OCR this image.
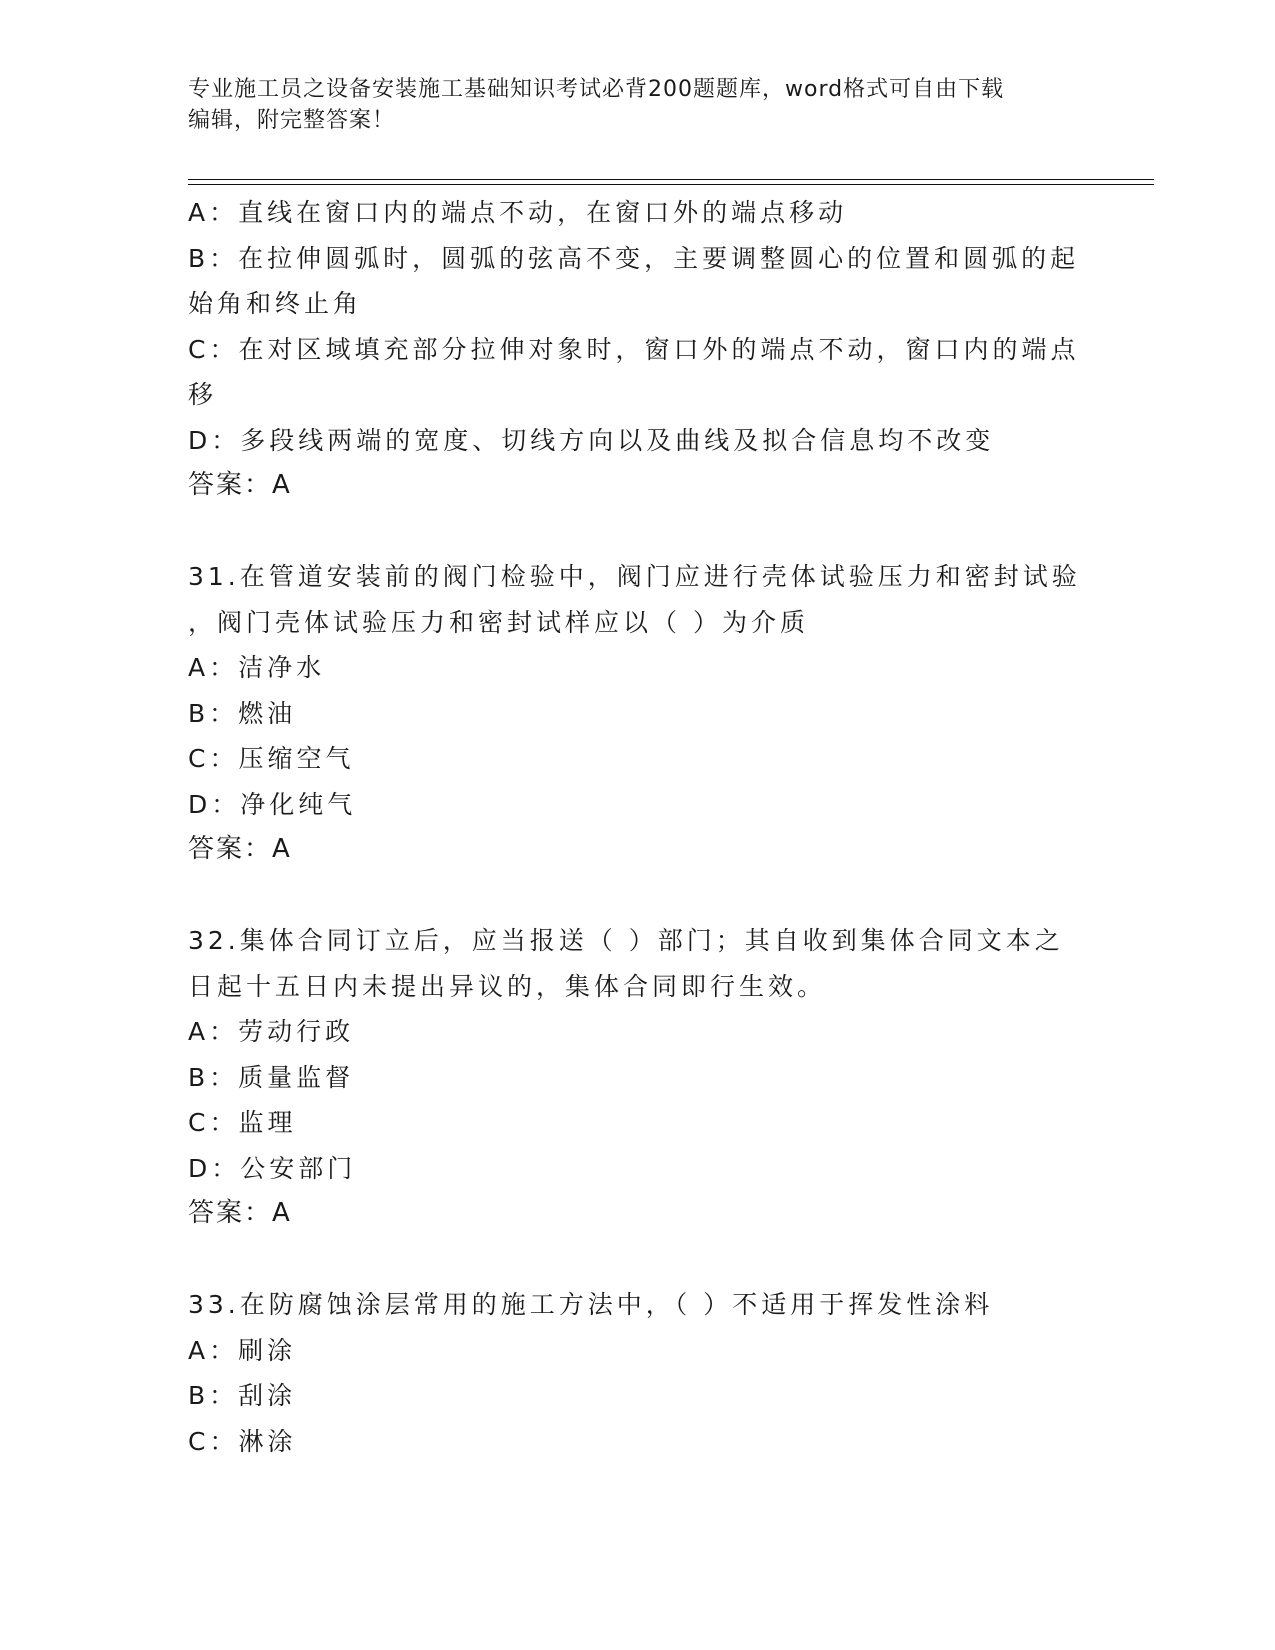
专业施工员之设备安装施工基础知识考试必背200题题库，word格式可自由下载
编辑，附完整答案！
A：直线在窗口内的端点不动，在窗口外的端点移动
B：在拉伸圆弧时，圆弧的弦高不变，主要调整圆心的位置和圆弧的起
始角和终止角
C：在对区域填充部分拉伸对象时，窗口外的端点不动，窗口内的端点
移
D：多段线两端的宽度、切线方向以及曲线及拟合信息均不改变
答案：A
31.在管道安装前的阀门检验中，阀门应进行壳体试验压力和密封试验
，阀门壳体试验压力和密封试样应以（ ）为介质
A：洁净水
B：燃油
C：压缩空气
D：净化纯气
答案：A
32.集体合同订立后，应当报送（ ）部门；其自收到集体合同文本之
日起十五日内未提出异议的，集体合同即行生效。
A：劳动行政
B：质量监督
C：监理
D：公安部门
答案：A
33.在防腐蚀涂层常用的施工方法中，（ ）不适用于挥发性涂料
A：刷涂
B：刮涂
C：淋涂
